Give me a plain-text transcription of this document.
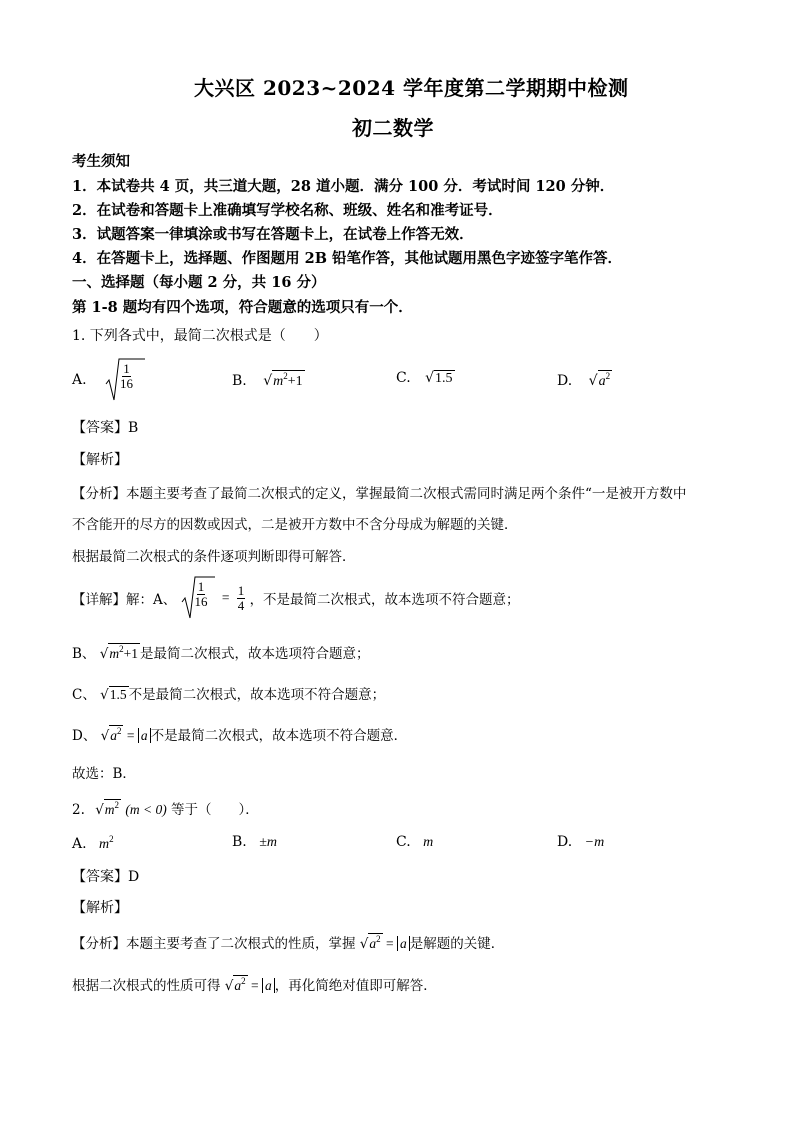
大兴区 2023~2024 学年度第二学期期中检测
初二数学
考生须知
1．本试卷共 4 页，共三道大题，28 道小题．满分 100 分．考试时间 120 分钟．
2．在试卷和答题卡上准确填写学校名称、班级、姓名和准考证号．
3．试题答案一律填涂或书写在答题卡上，在试卷上作答无效．
4．在答题卡上，选择题、作图题用 2B 铅笔作答，其他试题用黑色字迹签字笔作答．
一、选择题（每小题 2 分，共 16 分）
第 1-8 题均有四个选项，符合题意的选项只有一个．
1. 下列各式中，最简二次根式是（　　）
A.	$\frac{1}{16}$	B. $√m^2+1$	C. √1.5	D. $√a^2$
【答案】B
【解析】
【分析】本题主要考查了最简二次根式的定义，掌握最简二次根式需同时满足两个条件“一是被开方数中
不含能开的尽方的因数或因式，二是被开方数中不含分母成为解题的关键．
根据最简二次根式的条件逐项判断即得可解答．
【详解】解：A、 $\frac{1}{16} = \frac{1}{4}$ ，不是最简二次根式，故本选项不符合题意；
B、 $√m^2+1$ 是最简二次根式，故本选项符合题意；
C、 √1.5 不是最简二次根式，故本选项不符合题意；
D、 $√a^2 = a$ 不是最简二次根式，故本选项不符合题意．
故选：B．
2. $√m^2$ (m < 0) 等于（　　）．
A. $m^2$	B. ±m	C. m	D. −m
【答案】D
【解析】
【分析】本题主要考查了二次根式的性质，掌握 $√a^2 = a$ 是解题的关键．
根据二次根式的性质可得 $√a^2 = a$ ，再化简绝对值即可解答．
